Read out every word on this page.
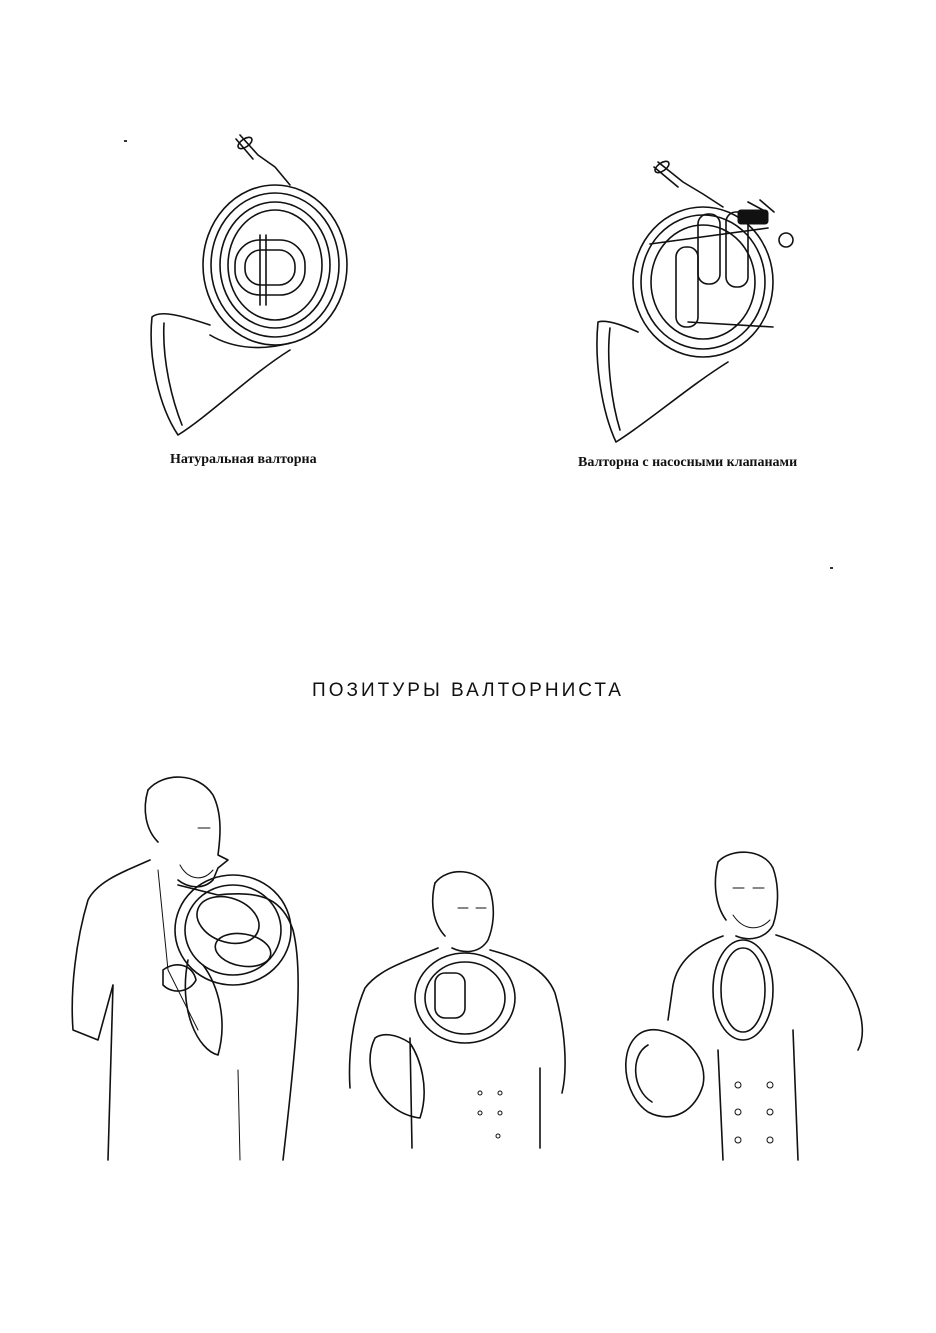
Натуральная валторна	Валторна с насосными клапанами
ПОЗИТУРЫ ВАЛТОРНИСТА
